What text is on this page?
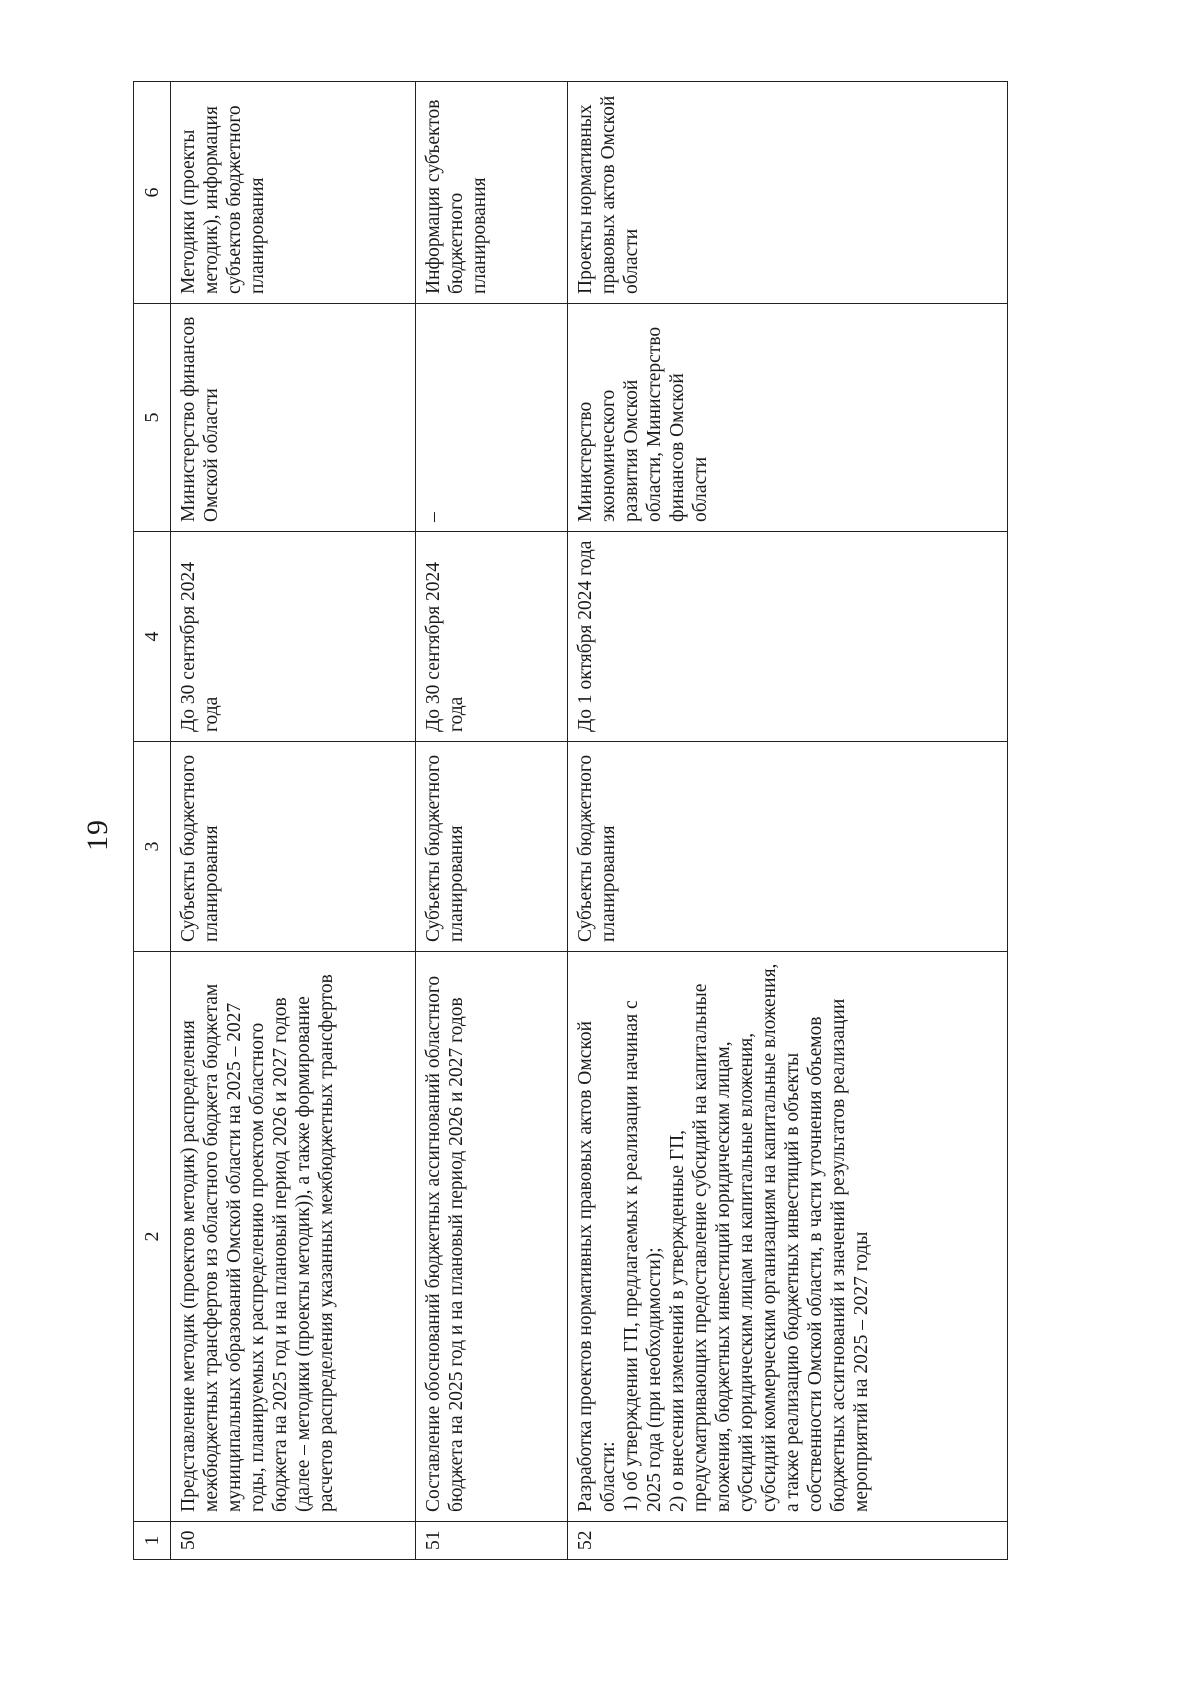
19
1	2	3	4	5	6
50	Представление методик (проектов методик) распределения межбюджетных трансфертов из областного бюджета бюджетам муниципальных образований Омской области на 2025 – 2027 годы, планируемых к распределению проектом областного бюджета на 2025 год и на плановый период 2026 и 2027 годов (далее – методики (проекты методик)), а также формирование расчетов распределения указанных межбюджетных трансфертов	Субъекты бюджетного планирования	До 30 сентября 2024 года	Министерство финансов Омской области	Методики (проекты методик), информация субъектов бюджетного планирования
51	Составление обоснований бюджетных ассигнований областного бюджета на 2025 год и на плановый период 2026 и 2027 годов	Субъекты бюджетного планирования	До 30 сентября 2024 года	–	Информация субъектов бюджетного планирования
52	Разработка проектов нормативных правовых актов Омской области: 1) об утверждении ГП, предлагаемых к реализации начиная с 2025 года (при необходимости); 2) о внесении изменений в утвержденные ГП, предусматривающих предоставление субсидий на капитальные вложения, бюджетных инвестиций юридическим лицам, субсидий юридическим лицам на капитальные вложения, субсидий коммерческим организациям на капитальные вложения, а также реализацию бюджетных инвестиций в объекты собственности Омской области, в части уточнения объемов бюджетных ассигнований и значений результатов реализации мероприятий на 2025 – 2027 годы	Субъекты бюджетного планирования	До 1 октября 2024 года	Министерство экономического развития Омской области, Министерство финансов Омской области	Проекты нормативных правовых актов Омской области
